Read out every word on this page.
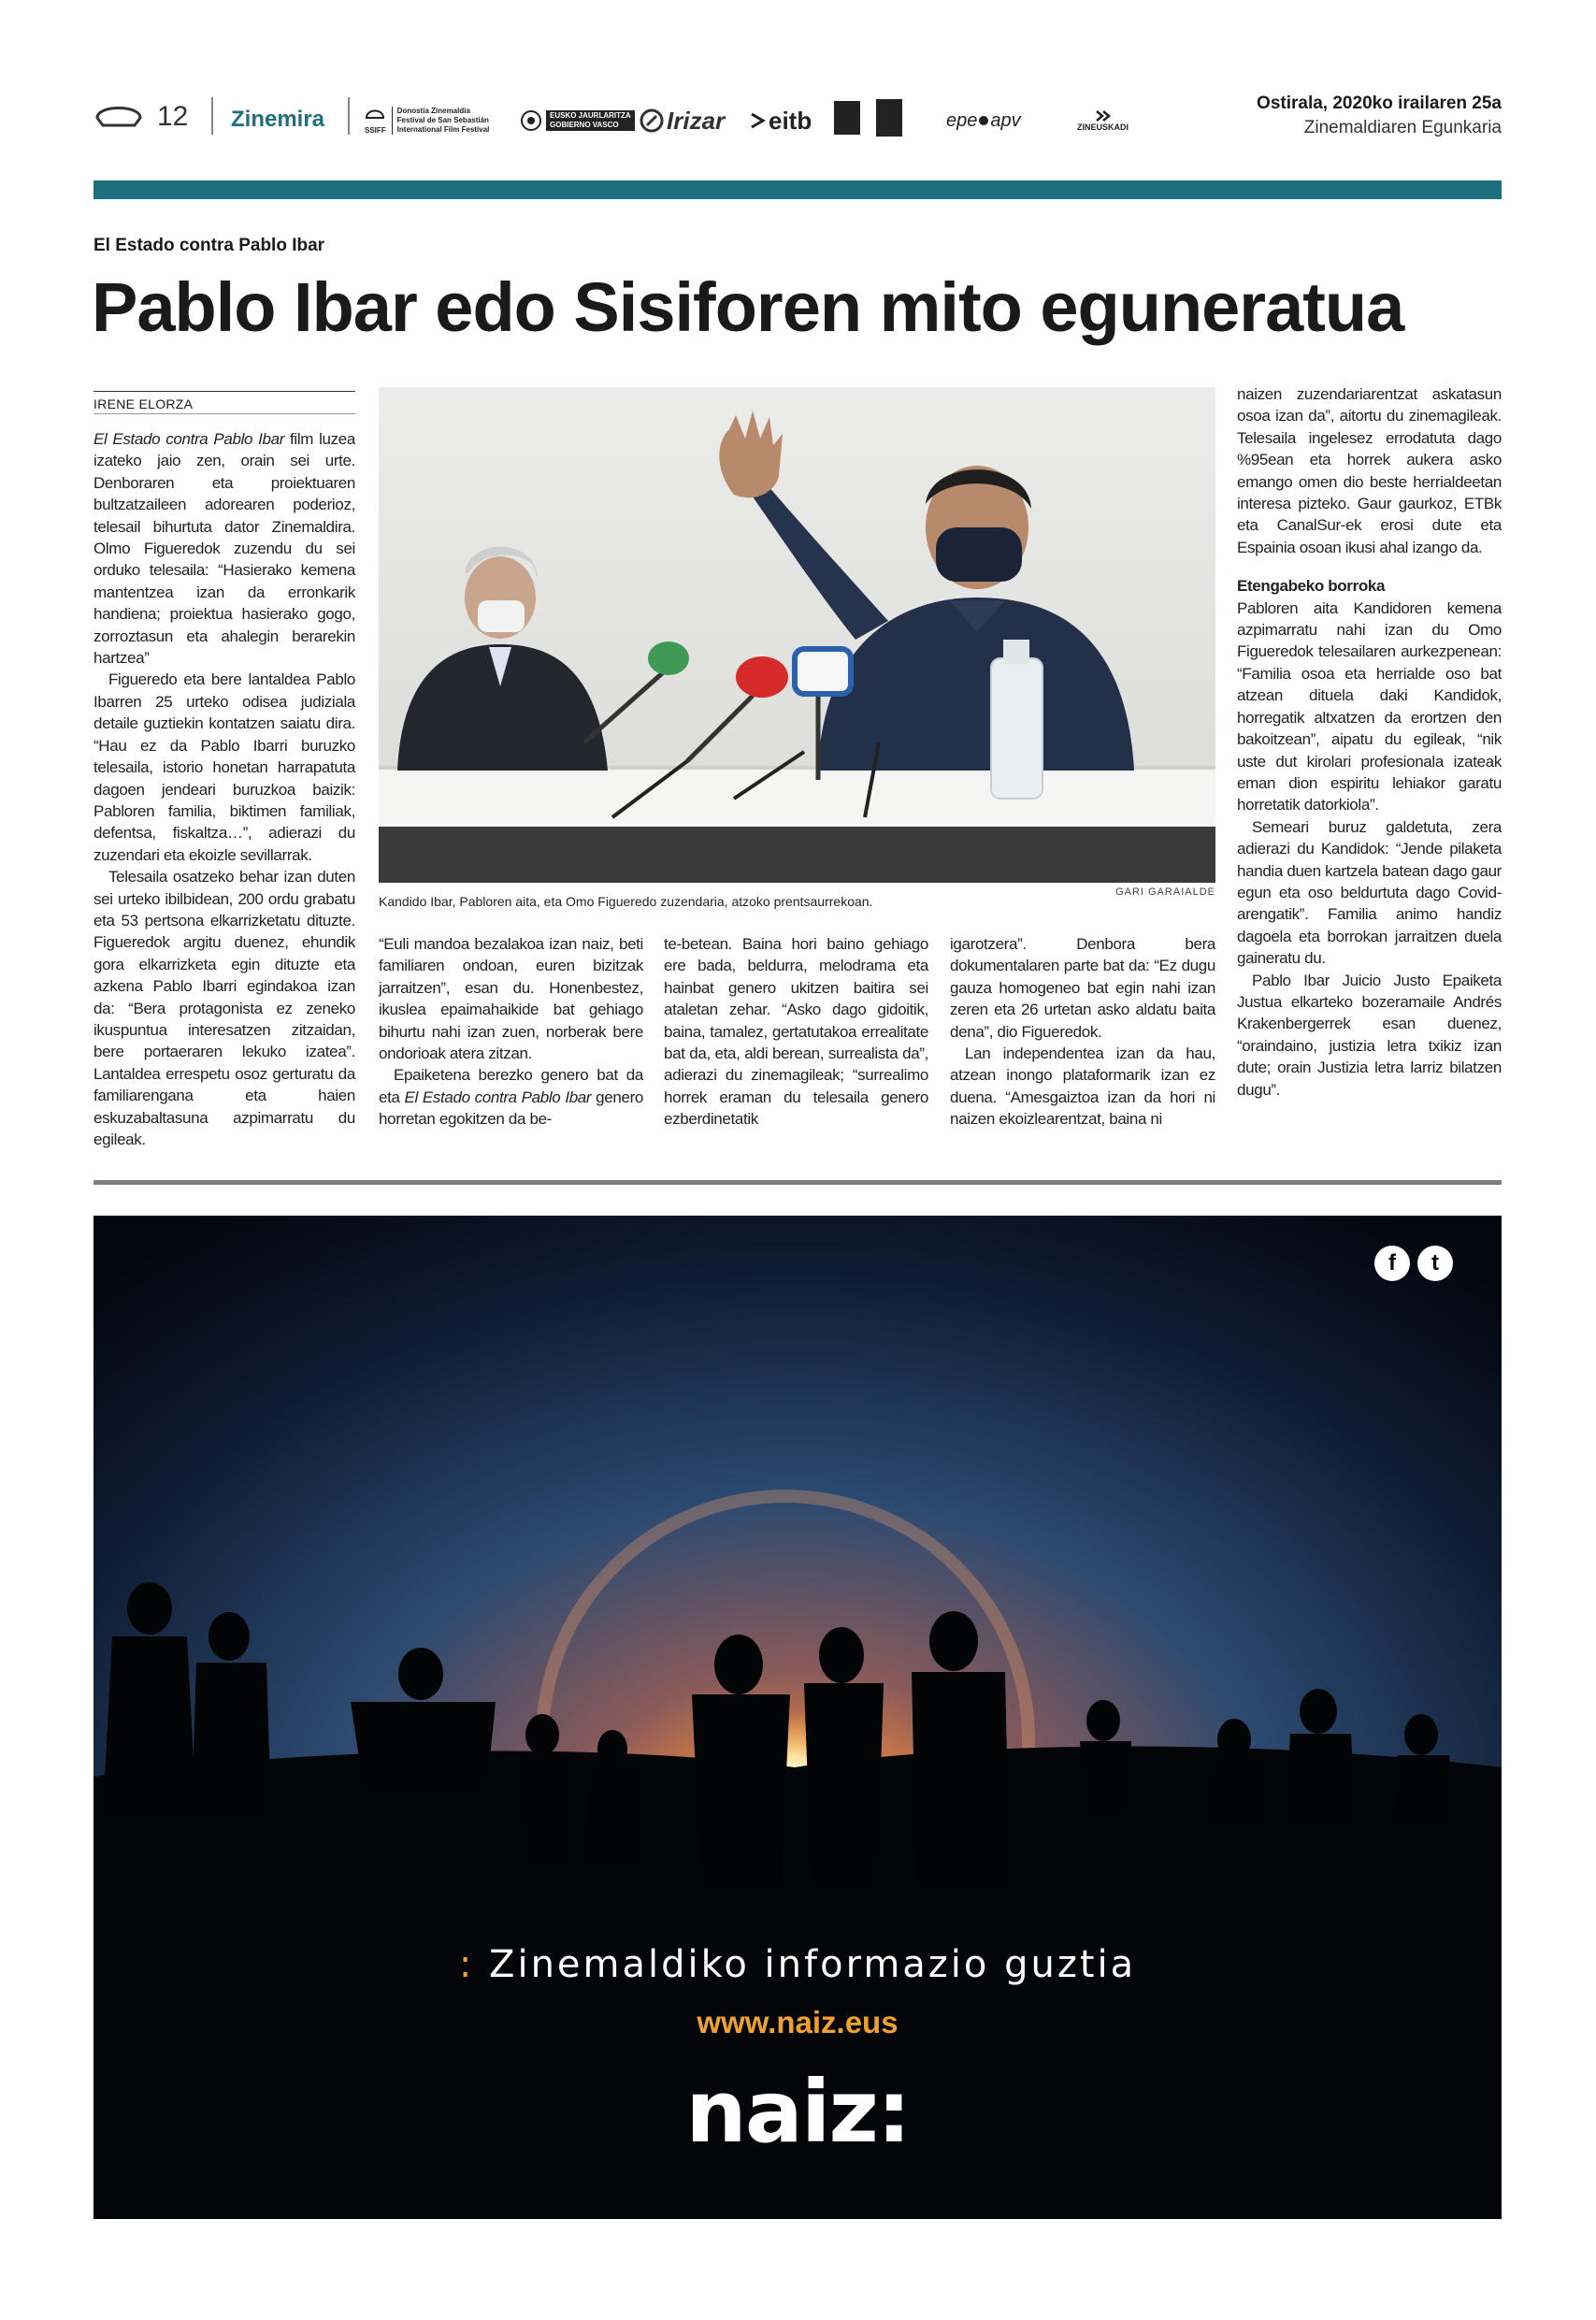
12 Zinemira	SSIFF
Donostia Zinemaldia
Festival de San Sebastián
International Film Festival
EUSKO JAURLARITZA
GOBIERNO VASCO	Irizar eitb	epe apv	ZINEUSKADI
Ostirala, 2020ko irailaren 25a
Zinemaldiaren Egunkaria
El Estado contra Pablo Ibar
Pablo Ibar edo Sisiforen mito eguneratua
IRENE ELORZA

El Estado contra Pablo Ibar film luzea izateko jaio zen, orain sei urte. Denboraren eta proiektuaren bultzatzaileen adorearen poderioz, telesail bihurtuta dator Zinemaldira. Olmo Figueredok zuzendu du sei orduko telesailа: “Hasierako kemena mantentzea izan da erronkarik handiena; proiektua hasierako gogo, zorroztasun eta ahalegin berarekin hartzea”

Figueredo eta bere lantaldea Pablo Ibarren 25 urteko odisea judiziala detaile guztiekin kontatzen saiatu dira. “Hau ez da Pablo Ibarri buruzko telesaila, istorio honetan harrapatuta dagoen jendeari buruzkoa baizik: Pabloren familia, biktimen familiak, defentsa, fiskaltza…”, adierazi du zuzendari eta ekoizle sevillarrak.

Telesaila osatzeko behar izan duten sei urteko ibilbidean, 200 ordu grabatu eta 53 pertsona elkarrizketatu dituzte. Figueredok argitu duenez, ehundik gora elkarrizketa egin dituzte eta azkena Pablo Ibarri egindakoa izan da: “Bera protagonista ez zeneko ikuspuntua interesatzen zitzaidan, bere portaeraren lekuko izatea”. Lantaldea errespetu osoz gerturatu da familiarengana eta haien eskuzabaltasuna azpimarratu du egileak.

GARI GARAIALDE
Kandido Ibar, Pabloren aita, eta Omo Figueredo zuzendaria, atzoko prentsaurrekoan.

“Euli mandoa bezalakoa izan naiz, beti familiaren ondoan, euren bizitzak jarraitzen”, esan du. Honenbestez, ikuslea epaimahaikide bat gehiago bihurtu nahi izan zuen, norberak bere ondorioak atera zitzan.

Epaiketena berezko genero bat da eta El Estado contra Pablo Ibar genero horretan egokitzen da be-

te-betean. Baina hori baino gehiago ere bada, beldurra, melodrama eta hainbat genero ukitzen baitira sei ataletan zehar. “Asko dago gidoitik, baina, tamalez, gertatutakoa errealitate bat da, eta, aldi berean, surrealista da”, adierazi du zinemagileak; “surrealimo horrek eraman du telesaila genero ezberdinetatik

igarotzera”. Denbora bera dokumentalaren parte bat da: “Ez dugu gauza homogeneo bat egin nahi izan zeren eta 26 urtetan asko aldatu baita dena”, dio Figueredok.

Lan independentea izan da hau, atzean inongo plataformarik izan ez duena. “Amesgaiztoa izan da hori ni naizen ekoizlearentzat, baina ni

naizen zuzendariarentzat askatasun osoa izan da”, aitortu du zinemagileak. Telesaila ingelesez errodatuta dago %95ean eta horrek aukera asko emango omen dio beste herrialdeetan interesa pizteko. Gaur gaurkoz, ETBk eta CanalSur-ek erosi dute eta Espainia osoan ikusi ahal izango da.

Etengabeko borroka

Pabloren aita Kandidoren kemena azpimarratu nahi izan du Omo Figueredok telesailaren aurkezpenean: “Familia osoa eta herrialde oso bat atzean dituela daki Kandidok, horregatik altxatzen da erortzen den bakoitzean”, aipatu du egileak, “nik uste dut kirolari profesionala izateak eman dion espiritu lehiakor garatu horretatik datorkiola”.

Semeari buruz galdetuta, zera adierazi du Kandidok: “Jende pilaketa handia duen kartzela batean dago gaur egun eta oso beldurtuta dago Covid-arengatik”. Familia animo handiz dagoela eta borrokan jarraitzen duela gaineratu du.

Pablo Ibar Juicio Justo Epaiketa Justua elkarteko bozeramaile Andrés Krakenbergerrek esan duenez, “oraindaino, justizia letra txikiz izan dute; orain Justizia letra larriz bilatzen dugu”.

f	t
: Zinemaldiko informazio guztia
www.naiz.eus
naiz:
